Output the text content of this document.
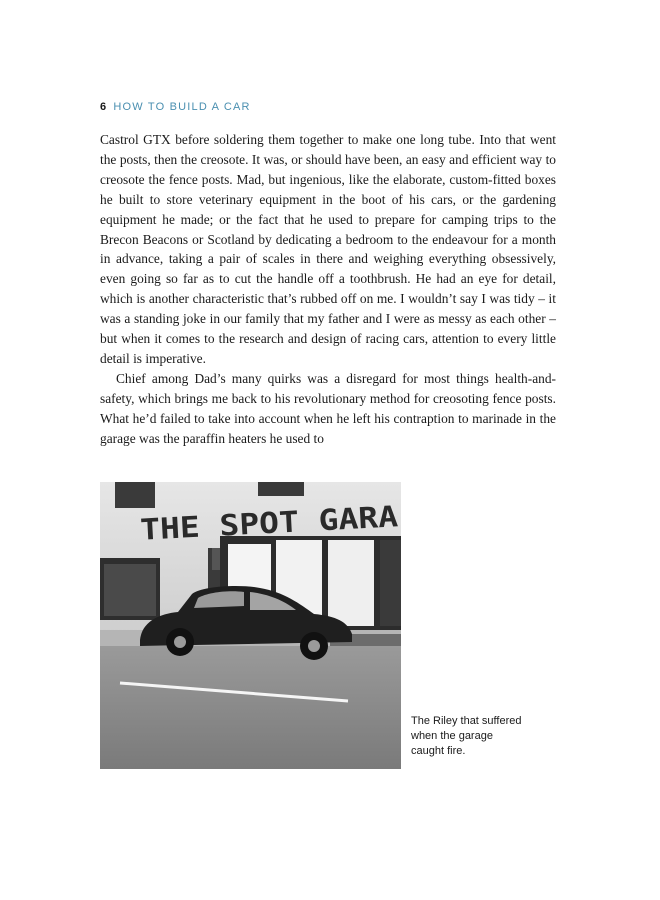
6 HOW TO BUILD A CAR

Castrol GTX before soldering them together to make one long tube. Into that went the posts, then the creosote. It was, or should have been, an easy and efficient way to creosote the fence posts. Mad, but ingenious, like the elaborate, custom-fitted boxes he built to store veterinary equipment in the boot of his cars, or the gardening equipment he made; or the fact that he used to prepare for camping trips to the Brecon Beacons or Scotland by dedicating a bedroom to the endeavour for a month in advance, taking a pair of scales in there and weighing everything obsessively, even going so far as to cut the handle off a toothbrush. He had an eye for detail, which is another characteristic that’s rubbed off on me. I wouldn’t say I was tidy – it was a standing joke in our family that my father and I were as messy as each other – but when it comes to the research and design of racing cars, attention to every little detail is imperative.

Chief among Dad’s many quirks was a disregard for most things health-and-safety, which brings me back to his revolutionary method for creosoting fence posts. What he’d failed to take into account when he left his contraption to marinade in the garage was the paraffin heaters he used to

THE SPOT GARA
The Riley that suffered
when the garage
caught fire.
